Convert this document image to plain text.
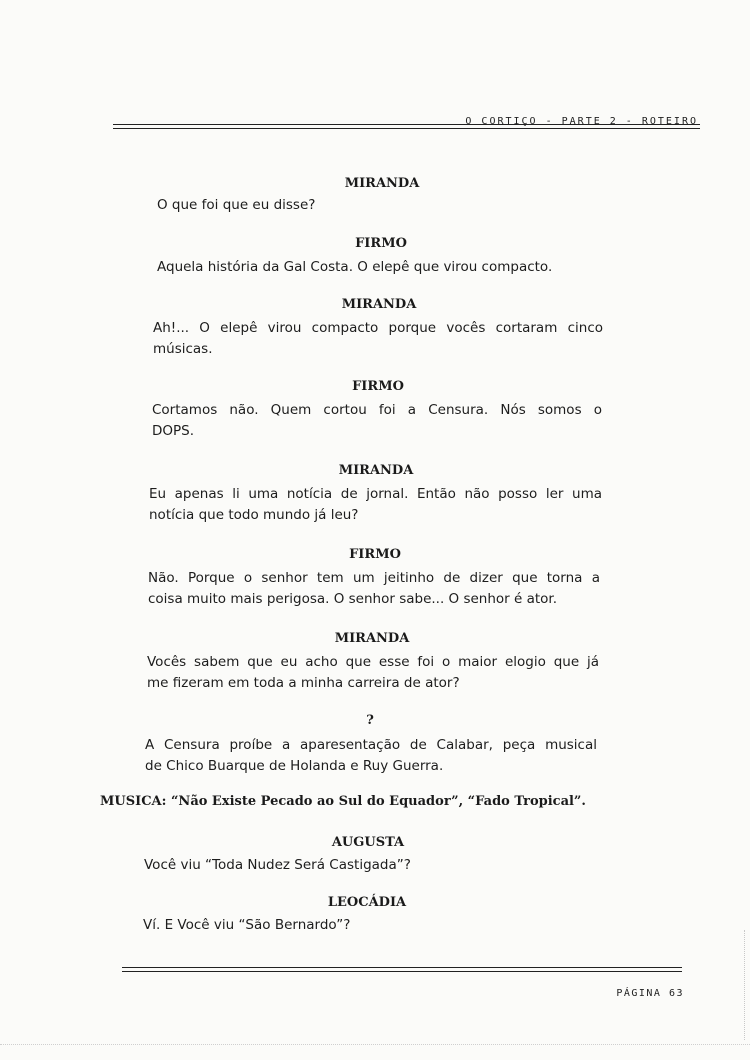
O CORTIÇO - PARTE 2 - ROTEIRO
MIRANDA
O que foi que eu disse?
FIRMO
Aquela história da Gal Costa. O elepê que virou compacto.
MIRANDA
Ah!... O elepê virou compacto porque vocês cortaram cinco
músicas.
FIRMO
Cortamos não. Quem cortou foi a Censura. Nós somos o
DOPS.
MIRANDA
Eu apenas li uma notícia de jornal. Então não posso ler uma
notícia que todo mundo já leu?
FIRMO
Não. Porque o senhor tem um jeitinho de dizer que torna a
coisa muito mais perigosa. O senhor sabe... O senhor é ator.
MIRANDA
Vocês sabem que eu acho que esse foi o maior elogio que já
me fizeram em toda a minha carreira de ator?
?
A Censura proíbe a aparesentação de Calabar, peça musical
de Chico Buarque de Holanda e Ruy Guerra.
MUSICA: “Não Existe Pecado ao Sul do Equador”, “Fado Tropical”.
AUGUSTA
Você viu “Toda Nudez Será Castigada”?
LEOCÁDIA
Ví. E Você viu “São Bernardo”?
PÁGINA 63
